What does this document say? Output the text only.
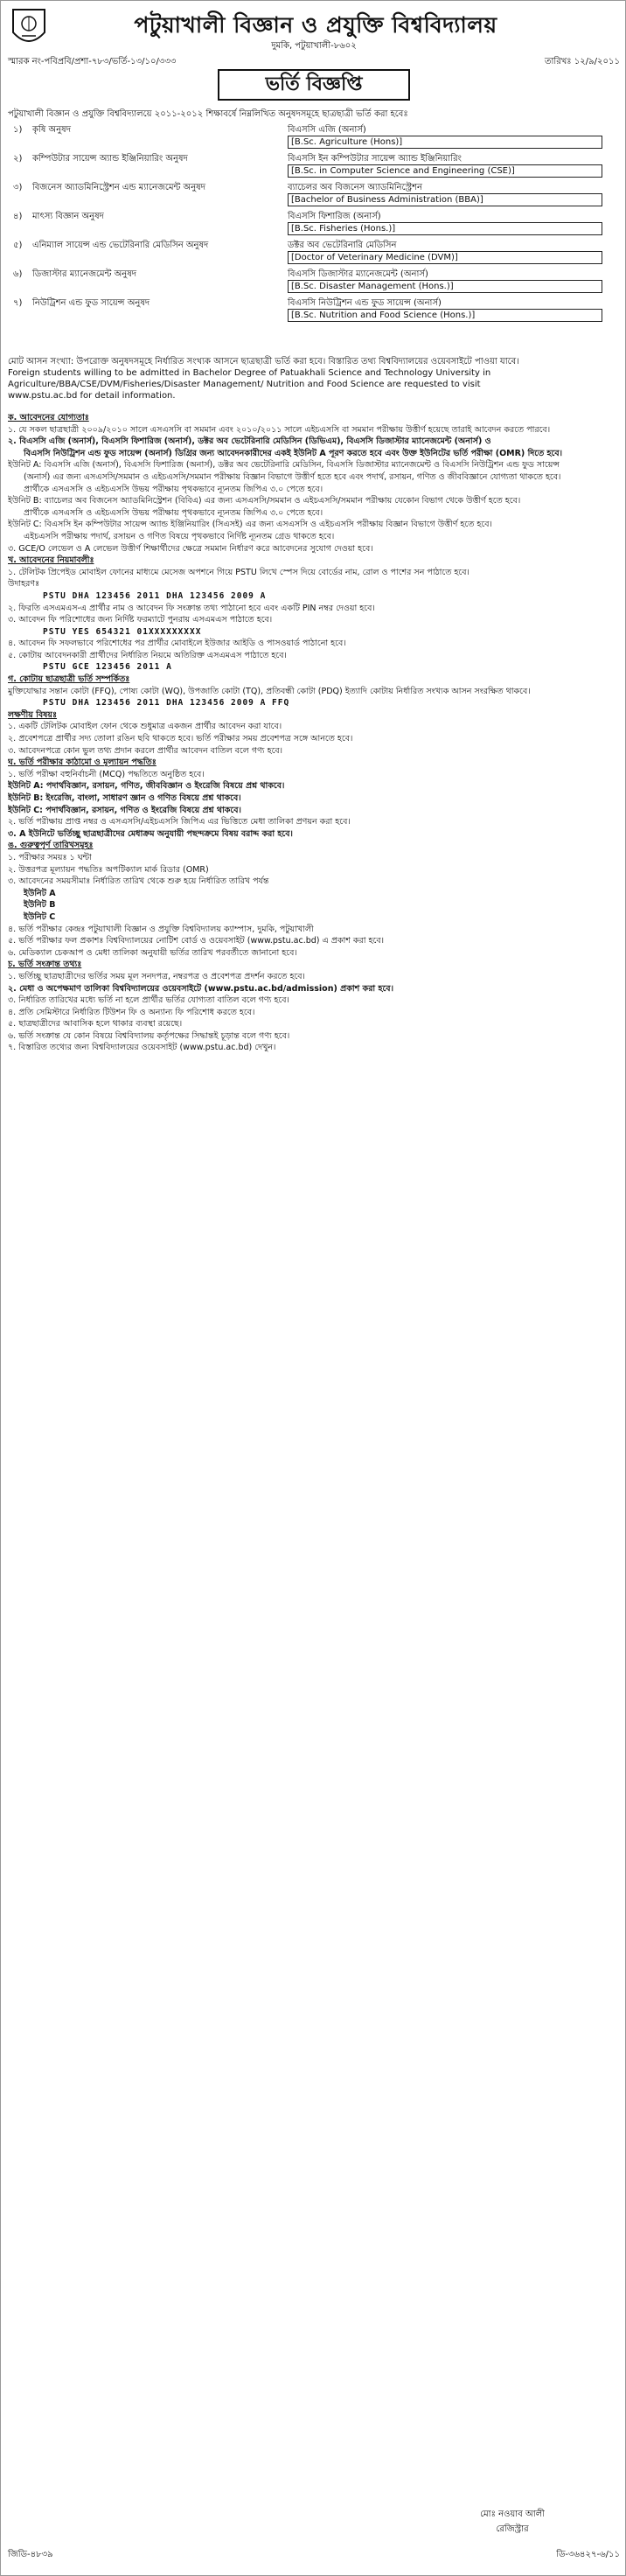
পটুয়াখালী বিজ্ঞান ও প্রযুক্তি বিশ্ববিদ্যালয়
দুমকি, পটুয়াখালী-৮৬০২
স্মারক নং-পবিপ্রবি/প্রশা-৭৮৩/ভর্তি-১৩/১০/৩৩৩	তারিখঃ ১২/৯/২০১১
ভর্তি বিজ্ঞপ্তি
পটুয়াখালী বিজ্ঞান ও প্রযুক্তি বিশ্ববিদ্যালয়ে ২০১১-২০১২ শিক্ষাবর্ষে নিম্নলিখিত অনুষদসমূহে ছাত্রছাত্রী ভর্তি করা হবেঃ
১) কৃষি অনুষদ	বিএসসি এজি (অনার্স)
[B.Sc. Agriculture (Hons)]
২) কম্পিউটার সায়েন্স অ্যান্ড ইঞ্জিনিয়ারিং অনুষদ	বিএসসি ইন কম্পিউটার সায়েন্স অ্যান্ড ইঞ্জিনিয়ারিং
[B.Sc. in Computer Science and Engineering (CSE)]
৩) বিজনেস অ্যাডমিনিস্ট্রেশন এন্ড ম্যানেজমেন্ট অনুষদ	ব্যাচেলর অব বিজনেস অ্যাডমিনিস্ট্রেশন
[Bachelor of Business Administration (BBA)]
৪) মাৎস্য বিজ্ঞান অনুষদ	বিএসসি ফিশারিজ (অনার্স)
[B.Sc. Fisheries (Hons.)]
৫) এনিম্যাল সায়েন্স এন্ড ভেটেরিনারি মেডিসিন অনুষদ	ডক্টর অব ভেটেরিনারি মেডিসিন
[Doctor of Veterinary Medicine (DVM)]
৬) ডিজাস্টার ম্যানেজমেন্ট অনুষদ	বিএসসি ডিজাস্টার ম্যানেজমেন্ট (অনার্স)
[B.Sc. Disaster Management (Hons.)]
৭) নিউট্রিশন এন্ড ফুড সায়েন্স অনুষদ	বিএসসি নিউট্রিশন এন্ড ফুড সায়েন্স (অনার্স)
[B.Sc. Nutrition and Food Science (Hons.)]
মোট আসন সংখ্যা: উপরোক্ত অনুষদসমূহে নির্ধারিত সংখ্যক আসনে ছাত্রছাত্রী ভর্তি করা হবে। বিস্তারিত তথ্য বিশ্ববিদ্যালয়ের ওয়েবসাইটে পাওয়া যাবে।
Foreign students willing to be admitted in Bachelor Degree of Patuakhali Science and Technology University in
Agriculture/BBA/CSE/DVM/Fisheries/Disaster Management/ Nutrition and Food Science are requested to visit
www.pstu.ac.bd for detail information.
ক. আবেদনের যোগ্যতাঃ
১. যে সকল ছাত্রছাত্রী ২০০৯/২০১০ সালে এসএসসি বা সমমান এবং ২০১০/২০১১ সালে এইচএসসি বা সমমান পরীক্ষায় উত্তীর্ণ হয়েছে তারাই আবেদন করতে পারবে।
২. বিএসসি এজি (অনার্স), বিএসসি ফিশারিজ (অনার্স), ডক্টর অব ভেটেরিনারি মেডিসিন (ডিভিএম), বিএসসি ডিজাস্টার ম্যানেজমেন্ট (অনার্স) ও
বিএসসি নিউট্রিশন এন্ড ফুড সায়েন্স (অনার্স) ডিগ্রির জন্য আবেদনকারীদের একই ইউনিট A পূরণ করতে হবে এবং উক্ত ইউনিটের ভর্তি পরীক্ষা (OMR) দিতে হবে।
ইউনিট A: বিএসসি এজি (অনার্স), বিএসসি ফিশারিজ (অনার্স), ডক্টর অব ভেটেরিনারি মেডিসিন, বিএসসি ডিজাস্টার ম্যানেজমেন্ট ও বিএসসি নিউট্রিশন এন্ড ফুড সায়েন্স
(অনার্স) এর জন্য এসএসসি/সমমান ও এইচএসসি/সমমান পরীক্ষায় বিজ্ঞান বিভাগে উত্তীর্ণ হতে হবে এবং পদার্থ, রসায়ন, গণিত ও জীববিজ্ঞানে যোগ্যতা থাকতে হবে।
প্রার্থীকে এসএসসি ও এইচএসসি উভয় পরীক্ষায় পৃথকভাবে ন্যূনতম জিপিএ ৩.০ পেতে হবে।
ইউনিট B: ব্যাচেলর অব বিজনেস অ্যাডমিনিস্ট্রেশন (বিবিএ) এর জন্য এসএসসি/সমমান ও এইচএসসি/সমমান পরীক্ষায় যেকোন বিভাগ থেকে উত্তীর্ণ হতে হবে।
প্রার্থীকে এসএসসি ও এইচএসসি উভয় পরীক্ষায় পৃথকভাবে ন্যূনতম জিপিএ ৩.০ পেতে হবে।
ইউনিট C: বিএসসি ইন কম্পিউটার সায়েন্স অ্যান্ড ইঞ্জিনিয়ারিং (সিএসই) এর জন্য এসএসসি ও এইচএসসি পরীক্ষায় বিজ্ঞান বিভাগে উত্তীর্ণ হতে হবে।
এইচএসসি পরীক্ষায় পদার্থ, রসায়ন ও গণিত বিষয়ে পৃথকভাবে নির্দিষ্ট ন্যূনতম গ্রেড থাকতে হবে।
৩. GCE/O লেভেল ও A লেভেল উত্তীর্ণ শিক্ষার্থীদের ক্ষেত্রে সমমান নির্ধারণ করে আবেদনের সুযোগ দেওয়া হবে।
খ. আবেদনের নিয়মাবলীঃ
১. টেলিটক প্রিপেইড মোবাইল ফোনের মাধ্যমে মেসেজ অপশনে গিয়ে PSTU লিখে স্পেস দিয়ে বোর্ডের নাম, রোল ও পাশের সন পাঠাতে হবে।
উদাহরণঃ
PSTU DHA 123456 2011 DHA 123456 2009 A
২. ফিরতি এসএমএস-এ প্রার্থীর নাম ও আবেদন ফি সংক্রান্ত তথ্য পাঠানো হবে এবং একটি PIN নম্বর দেওয়া হবে।
৩. আবেদন ফি পরিশোধের জন্য নির্দিষ্ট ফরম্যাটে পুনরায় এসএমএস পাঠাতে হবে।
PSTU YES 654321 01XXXXXXXXX
৪. আবেদন ফি সফলভাবে পরিশোধের পর প্রার্থীর মোবাইলে ইউজার আইডি ও পাসওয়ার্ড পাঠানো হবে।
৫. কোটায় আবেদনকারী প্রার্থীদের নির্ধারিত নিয়মে অতিরিক্ত এসএমএস পাঠাতে হবে।
PSTU GCE 123456 2011 A
গ. কোটায় ছাত্রছাত্রী ভর্তি সম্পর্কিতঃ
মুক্তিযোদ্ধার সন্তান কোটা (FFQ), পোষ্য কোটা (WQ), উপজাতি কোটা (TQ), প্রতিবন্ধী কোটা (PDQ) ইত্যাদি কোটায় নির্ধারিত সংখ্যক আসন সংরক্ষিত থাকবে।
PSTU DHA 123456 2011 DHA 123456 2009 A FFQ
লক্ষণীয় বিষয়ঃ
১. একটি টেলিটক মোবাইল ফোন থেকে শুধুমাত্র একজন প্রার্থীর আবেদন করা যাবে।
২. প্রবেশপত্রে প্রার্থীর সদ্য তোলা রঙিন ছবি থাকতে হবে। ভর্তি পরীক্ষার সময় প্রবেশপত্র সঙ্গে আনতে হবে।
৩. আবেদনপত্রে কোন ভুল তথ্য প্রদান করলে প্রার্থীর আবেদন বাতিল বলে গণ্য হবে।
ঘ. ভর্তি পরীক্ষার কাঠামো ও মূল্যায়ন পদ্ধতিঃ
১. ভর্তি পরীক্ষা বহুনির্বাচনী (MCQ) পদ্ধতিতে অনুষ্ঠিত হবে।
ইউনিট A: পদার্থবিজ্ঞান, রসায়ন, গণিত, জীববিজ্ঞান ও ইংরেজি বিষয়ে প্রশ্ন থাকবে।
ইউনিট B: ইংরেজি, বাংলা, সাধারণ জ্ঞান ও গণিত বিষয়ে প্রশ্ন থাকবে।
ইউনিট C: পদার্থবিজ্ঞান, রসায়ন, গণিত ও ইংরেজি বিষয়ে প্রশ্ন থাকবে।
২. ভর্তি পরীক্ষায় প্রাপ্ত নম্বর ও এসএসসি/এইচএসসি জিপিএ এর ভিত্তিতে মেধা তালিকা প্রণয়ন করা হবে।
৩. A ইউনিটে ভর্তিচ্ছু ছাত্রছাত্রীদের মেধাক্রম অনুযায়ী পছন্দক্রমে বিষয় বরাদ্দ করা হবে।
ঙ. গুরুত্বপূর্ণ তারিখসমূহঃ
১. পরীক্ষার সময়ঃ ১ ঘন্টা
২. উত্তরপত্র মূল্যায়ন পদ্ধতিঃ অপটিক্যাল মার্ক রিডার (OMR)
৩. আবেদনের সময়সীমাঃ নির্ধারিত তারিখ থেকে শুরু হয়ে নির্ধারিত তারিখ পর্যন্ত
ইউনিট A
ইউনিট B
ইউনিট C
৪. ভর্তি পরীক্ষার কেন্দ্রঃ পটুয়াখালী বিজ্ঞান ও প্রযুক্তি বিশ্ববিদ্যালয় ক্যাম্পাস, দুমকি, পটুয়াখালী
৫. ভর্তি পরীক্ষার ফল প্রকাশঃ বিশ্ববিদ্যালয়ের নোটিশ বোর্ড ও ওয়েবসাইট (www.pstu.ac.bd) এ প্রকাশ করা হবে।
৬. মেডিক্যাল চেকআপ ও মেধা তালিকা অনুযায়ী ভর্তির তারিখ পরবর্তীতে জানানো হবে।
চ. ভর্তি সংক্রান্ত তথ্যঃ
১. ভর্তিচ্ছু ছাত্রছাত্রীদের ভর্তির সময় মূল সনদপত্র, নম্বরপত্র ও প্রবেশপত্র প্রদর্শন করতে হবে।
২. মেধা ও অপেক্ষমাণ তালিকা বিশ্ববিদ্যালয়ের ওয়েবসাইটে (www.pstu.ac.bd/admission) প্রকাশ করা হবে।
৩. নির্ধারিত তারিখের মধ্যে ভর্তি না হলে প্রার্থীর ভর্তির যোগ্যতা বাতিল বলে গণ্য হবে।
৪. প্রতি সেমিস্টারে নির্ধারিত টিউশন ফি ও অন্যান্য ফি পরিশোধ করতে হবে।
৫. ছাত্রছাত্রীদের আবাসিক হলে থাকার ব্যবস্থা রয়েছে।
৬. ভর্তি সংক্রান্ত যে কোন বিষয়ে বিশ্ববিদ্যালয় কর্তৃপক্ষের সিদ্ধান্তই চূড়ান্ত বলে গণ্য হবে।
৭. বিস্তারিত তথ্যের জন্য বিশ্ববিদ্যালয়ের ওয়েবসাইট (www.pstu.ac.bd) দেখুন।
মোঃ নওয়াব আলী
রেজিস্ট্রার
জিডি-৪৮৩৯	ডি-৩৬৪২৭-৬/১১
